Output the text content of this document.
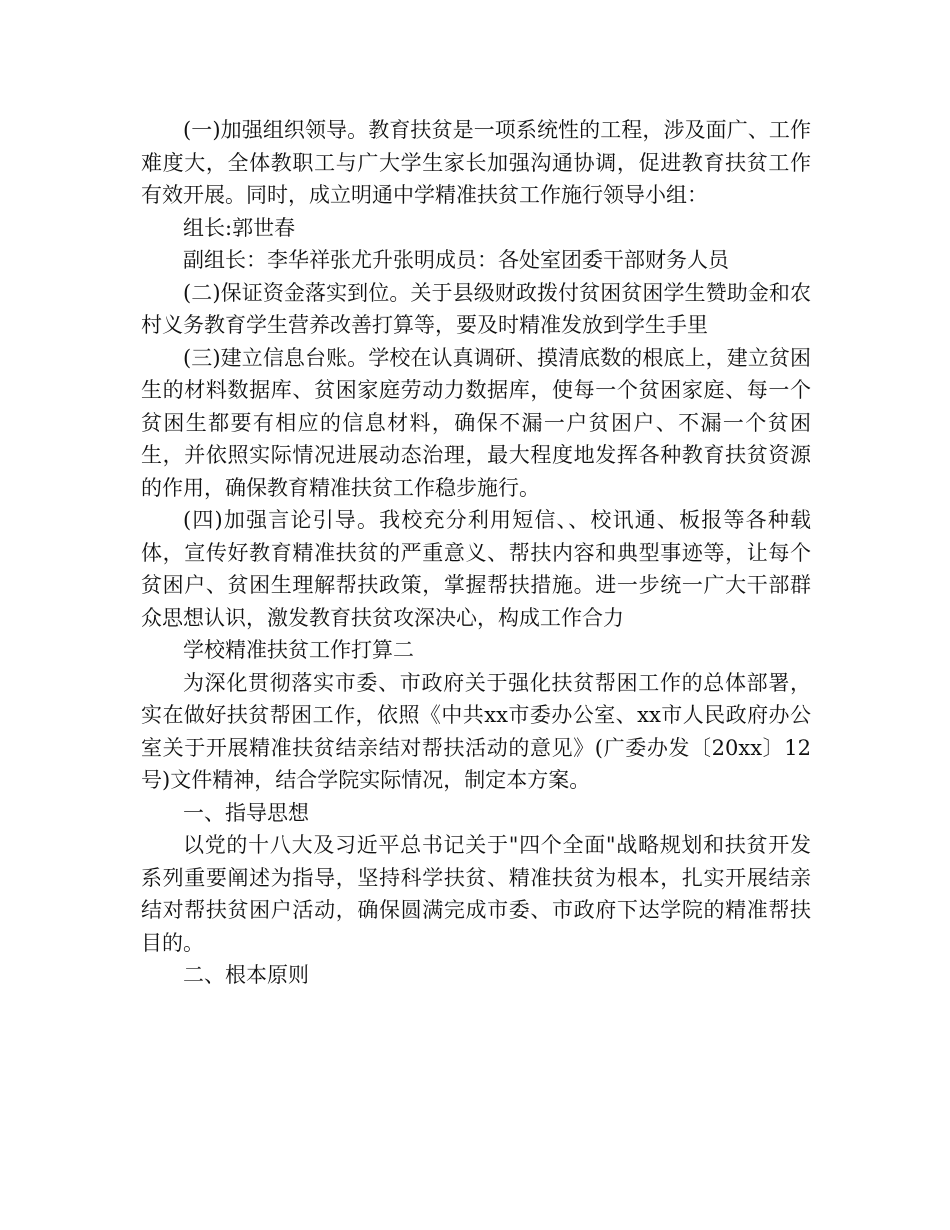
(一)加强组织领导。教育扶贫是一项系统性的工程，涉及面广、工作难度大，全体教职工与广大学生家长加强沟通协调，促进教育扶贫工作有效开展。同时，成立明通中学精准扶贫工作施行领导小组：

组长:郭世春

副组长：李华祥张尤升张明成员：各处室团委干部财务人员

(二)保证资金落实到位。关于县级财政拨付贫困贫困学生赞助金和农村义务教育学生营养改善打算等，要及时精准发放到学生手里

(三)建立信息台账。学校在认真调研、摸清底数的根底上，建立贫困生的材料数据库、贫困家庭劳动力数据库，使每一个贫困家庭、每一个贫困生都要有相应的信息材料，确保不漏一户贫困户、不漏一个贫困生，并依照实际情况进展动态治理，最大程度地发挥各种教育扶贫资源的作用，确保教育精准扶贫工作稳步施行。

(四)加强言论引导。我校充分利用短信、、校讯通、板报等各种载体，宣传好教育精准扶贫的严重意义、帮扶内容和典型事迹等，让每个贫困户、贫困生理解帮扶政策，掌握帮扶措施。进一步统一广大干部群众思想认识，激发教育扶贫攻深决心，构成工作合力

学校精准扶贫工作打算二

为深化贯彻落实市委、市政府关于强化扶贫帮困工作的总体部署，实在做好扶贫帮困工作，依照《中共xx市委办公室、xx市人民政府办公室关于开展精准扶贫结亲结对帮扶活动的意见》(广委办发〔20xx〕12号)文件精神，结合学院实际情况，制定本方案。

一、指导思想

以党的十八大及习近平总书记关于"四个全面"战略规划和扶贫开发系列重要阐述为指导，坚持科学扶贫、精准扶贫为根本，扎实开展结亲结对帮扶贫困户活动，确保圆满完成市委、市政府下达学院的精准帮扶目的。

二、根本原则
